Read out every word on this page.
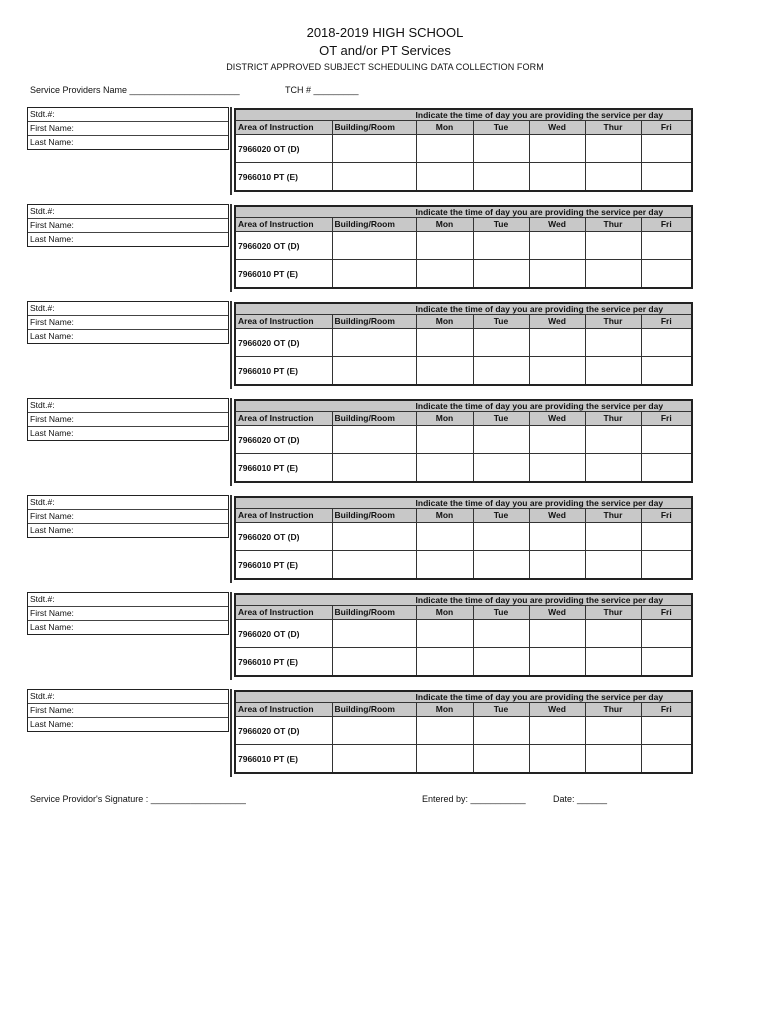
2018-2019 HIGH SCHOOL
OT and/or PT Services
DISTRICT APPROVED SUBJECT SCHEDULING DATA COLLECTION FORM
Service Providers Name ______________________	TCH # _________
Stdt.#:
First Name:
Last Name:
Indicate the time of day you are providing the service per day						
Area of Instruction	Building/Room	Mon	Tue	Wed	Thur	Fri
7966020 OT (D)						
7966010 PT (E)						
Stdt.#:
First Name:
Last Name:
Indicate the time of day you are providing the service per day						
Area of Instruction	Building/Room	Mon	Tue	Wed	Thur	Fri
7966020 OT (D)						
7966010 PT (E)						
Stdt.#:
First Name:
Last Name:
Indicate the time of day you are providing the service per day						
Area of Instruction	Building/Room	Mon	Tue	Wed	Thur	Fri
7966020 OT (D)						
7966010 PT (E)						
Stdt.#:
First Name:
Last Name:
Indicate the time of day you are providing the service per day						
Area of Instruction	Building/Room	Mon	Tue	Wed	Thur	Fri
7966020 OT (D)						
7966010 PT (E)						
Stdt.#:
First Name:
Last Name:
Indicate the time of day you are providing the service per day						
Area of Instruction	Building/Room	Mon	Tue	Wed	Thur	Fri
7966020 OT (D)						
7966010 PT (E)						
Stdt.#:
First Name:
Last Name:
Indicate the time of day you are providing the service per day						
Area of Instruction	Building/Room	Mon	Tue	Wed	Thur	Fri
7966020 OT (D)						
7966010 PT (E)						
Stdt.#:
First Name:
Last Name:
Indicate the time of day you are providing the service per day						
Area of Instruction	Building/Room	Mon	Tue	Wed	Thur	Fri
7966020 OT (D)						
7966010 PT (E)						
Service Providor's Signature : ___________________	Entered by: ___________	Date: ______
